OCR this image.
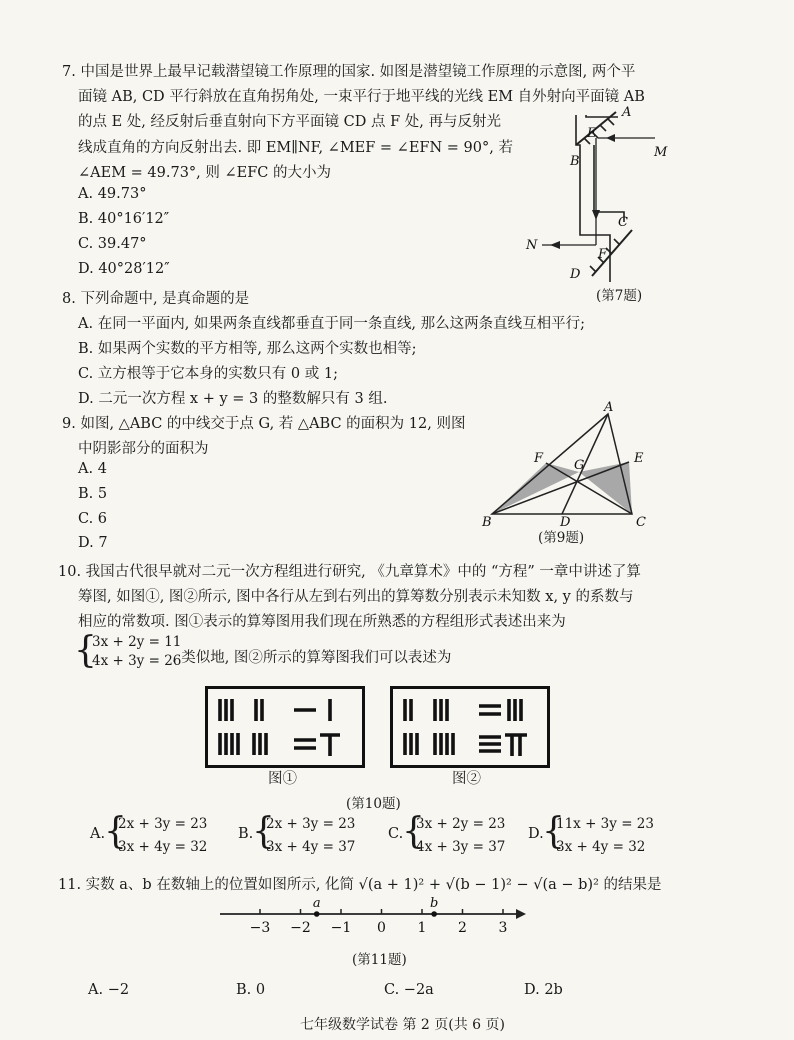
7. 中国是世界上最早记载潜望镜工作原理的国家. 如图是潜望镜工作原理的示意图, 两个平
面镜 AB, CD 平行斜放在直角拐角处, 一束平行于地平线的光线 EM 自外射向平面镜 AB
的点 E 处, 经反射后垂直射向下方平面镜 CD 点 F 处, 再与反射光
线成直角的方向反射出去. 即 EM∥NF, ∠MEF = ∠EFN = 90°, 若
∠AEM = 49.73°, 则 ∠EFC 的大小为
A. 49.73°
B. 40°16′12″
C. 39.47°
D. 40°28′12″
A
E
B
M
C
N
F
D
(第7题)
8. 下列命题中, 是真命题的是
A. 在同一平面内, 如果两条直线都垂直于同一条直线, 那么这两条直线互相平行;
B. 如果两个实数的平方相等, 那么这两个实数也相等;
C. 立方根等于它本身的实数只有 0 或 1;
D. 二元一次方程 x + y = 3 的整数解只有 3 组.
9. 如图, △ABC 的中线交于点 G, 若 △ABC 的面积为 12, 则图
中阴影部分的面积为
A. 4
B. 5
C. 6
D. 7
A
F G	E
B	D	C
(第9题)
10. 我国古代很早就对二元一次方程组进行研究, 《九章算术》中的 “方程” 一章中讲述了算
筹图, 如图①, 图②所示, 图中各行从左到右列出的算筹数分别表示未知数 x, y 的系数与
相应的常数项. 图①表示的算筹图用我们现在所熟悉的方程组形式表述出来为
{
3x + 2y = 11
4x + 3y = 26
. 类似地, 图②所示的算筹图我们可以表述为
图①	图②
(第10题)
A.
{
2x + 3y = 23
3x + 4y = 32
B.
{
2x + 3y = 23
3x + 4y = 37
C.
{
3x + 2y = 23
4x + 3y = 37
D.
{
11x + 3y = 23
3x + 4y = 32
11. 实数 a、b 在数轴上的位置如图所示, 化简 √(a + 1)² + √(b − 1)² − √(a − b)² 的结果是
−3 −2 −1 0 1 2 3
a	b
(第11题)
A. −2	B. 0	C. −2a	D. 2b
七年级数学试卷 第 2 页(共 6 页)
